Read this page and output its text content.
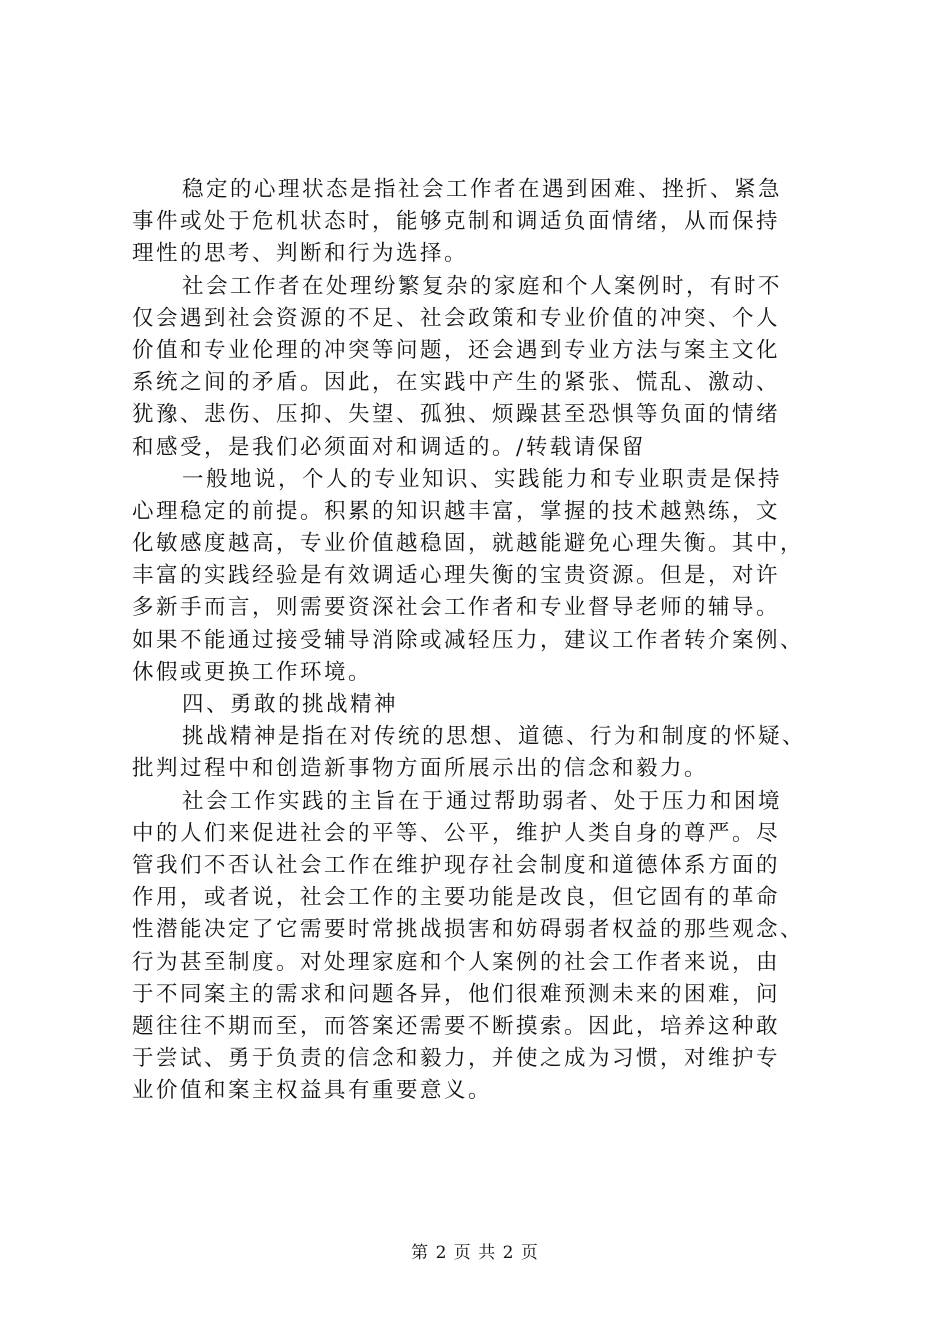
稳定的心理状态是指社会工作者在遇到困难、挫折、紧急
事件或处于危机状态时，能够克制和调适负面情绪，从而保持
理性的思考、判断和行为选择。
社会工作者在处理纷繁复杂的家庭和个人案例时，有时不
仅会遇到社会资源的不足、社会政策和专业价值的冲突、个人
价值和专业伦理的冲突等问题，还会遇到专业方法与案主文化
系统之间的矛盾。因此，在实践中产生的紧张、慌乱、激动、
犹豫、悲伤、压抑、失望、孤独、烦躁甚至恐惧等负面的情绪
和感受，是我们必须面对和调适的。/转载请保留
一般地说，个人的专业知识、实践能力和专业职责是保持
心理稳定的前提。积累的知识越丰富，掌握的技术越熟练，文
化敏感度越高，专业价值越稳固，就越能避免心理失衡。其中，
丰富的实践经验是有效调适心理失衡的宝贵资源。但是，对许
多新手而言，则需要资深社会工作者和专业督导老师的辅导。
如果不能通过接受辅导消除或减轻压力，建议工作者转介案例、
休假或更换工作环境。
四、勇敢的挑战精神
挑战精神是指在对传统的思想、道德、行为和制度的怀疑、
批判过程中和创造新事物方面所展示出的信念和毅力。
社会工作实践的主旨在于通过帮助弱者、处于压力和困境
中的人们来促进社会的平等、公平，维护人类自身的尊严。尽
管我们不否认社会工作在维护现存社会制度和道德体系方面的
作用，或者说，社会工作的主要功能是改良，但它固有的革命
性潜能决定了它需要时常挑战损害和妨碍弱者权益的那些观念、
行为甚至制度。对处理家庭和个人案例的社会工作者来说，由
于不同案主的需求和问题各异，他们很难预测未来的困难，问
题往往不期而至，而答案还需要不断摸索。因此，培养这种敢
于尝试、勇于负责的信念和毅力，并使之成为习惯，对维护专
业价值和案主权益具有重要意义。
第 2 页 共 2 页
